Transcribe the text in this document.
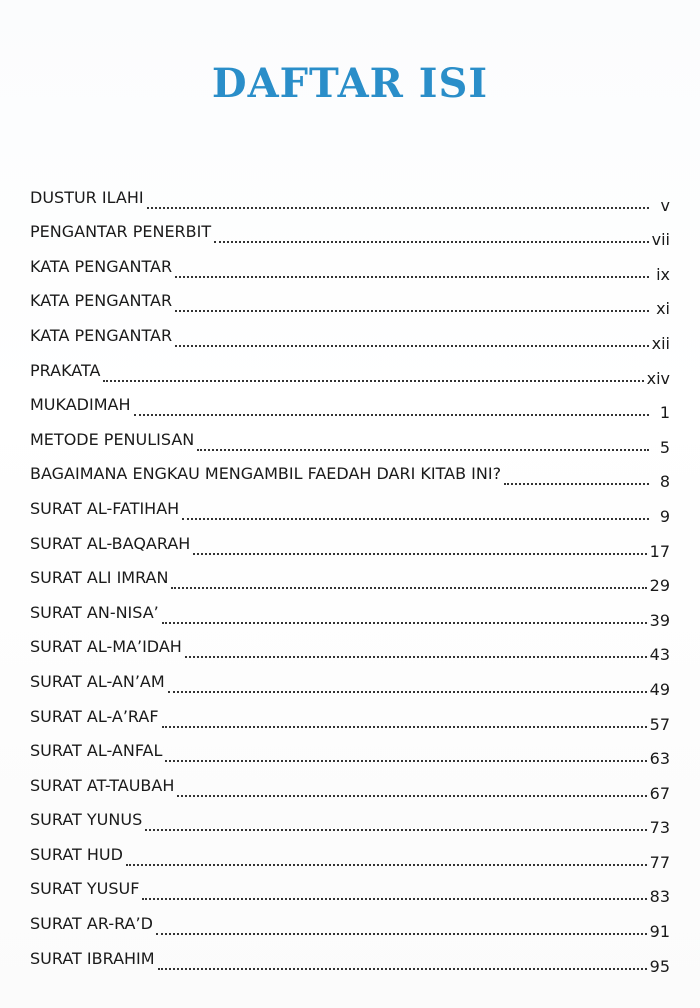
DAFTAR ISI
DUSTUR ILAHI	v
PENGANTAR PENERBIT	vii
KATA PENGANTAR	ix
KATA PENGANTAR	xi
KATA PENGANTAR	xii
PRAKATA	xiv
MUKADIMAH	1
METODE PENULISAN	5
BAGAIMANA ENGKAU MENGAMBIL FAEDAH DARI KITAB INI?	8
SURAT AL-FATIHAH	9
SURAT AL-BAQARAH	17
SURAT ALI IMRAN	29
SURAT AN-NISA’	39
SURAT AL-MA’IDAH	43
SURAT AL-AN’AM	49
SURAT AL-A’RAF	57
SURAT AL-ANFAL	63
SURAT AT-TAUBAH	67
SURAT YUNUS	73
SURAT HUD	77
SURAT YUSUF	83
SURAT AR-RA’D	91
SURAT IBRAHIM	95
